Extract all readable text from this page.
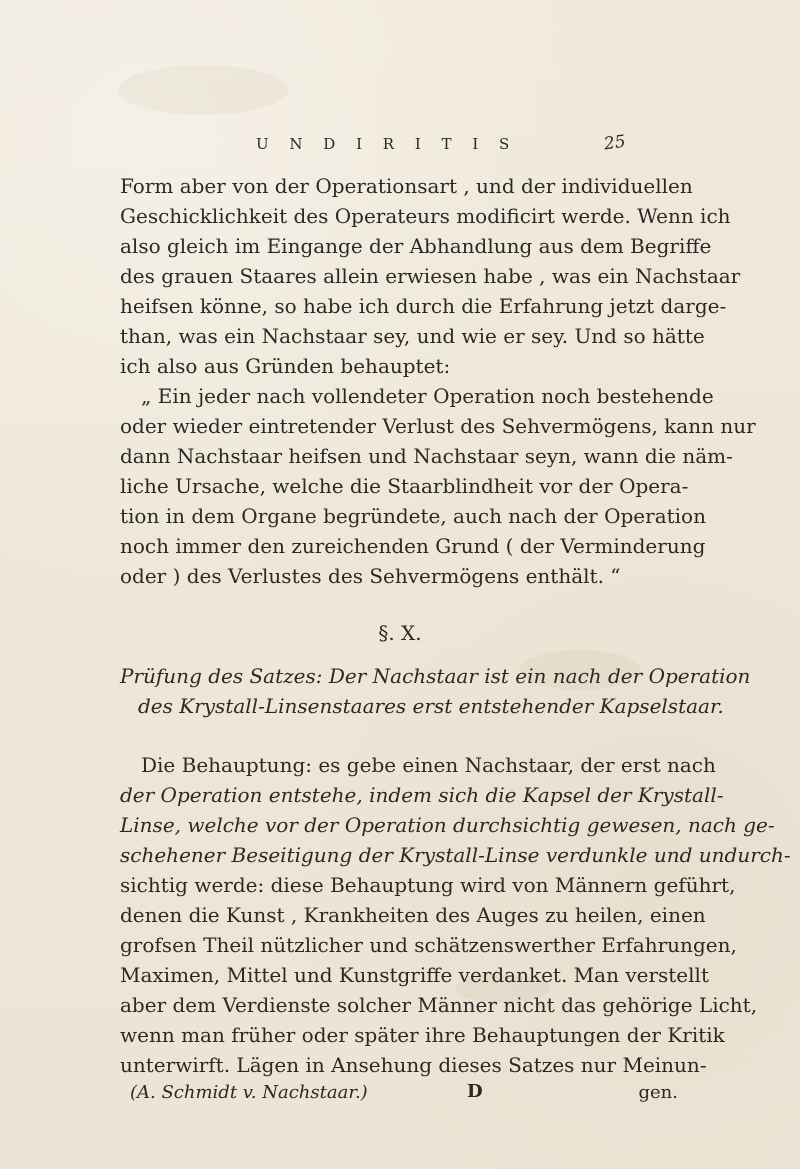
U N D I R I T I S	25
Form aber von der Operationsart , und der individuellen
Geschicklichkeit des Operateurs modificirt werde. Wenn ich
also gleich im Eingange der Abhandlung aus dem Begriffe
des grauen Staares allein erwiesen habe , was ein Nachstaar
heifsen könne, so habe ich durch die Erfahrung jetzt darge-
than, was ein Nachstaar sey, und wie er sey. Und so hätte
ich also aus Gründen behauptet:
„ Ein jeder nach vollendeter Operation noch bestehende
oder wieder eintretender Verlust des Sehvermögens, kann nur
dann Nachstaar heifsen und Nachstaar seyn, wann die näm-
liche Ursache, welche die Staarblindheit vor der Opera-
tion in dem Organe begründete, auch nach der Operation
noch immer den zureichenden Grund ( der Verminderung
oder ) des Verlustes des Sehvermögens enthält. “
§. X.
Prüfung des Satzes: Der Nachstaar ist ein nach der Operation
des Krystall-Linsenstaares erst entstehender Kapselstaar.
Die Behauptung: es gebe einen Nachstaar, der erst nach
der Operation entstehe, indem sich die Kapsel der Krystall-
Linse, welche vor der Operation durchsichtig gewesen, nach ge-
schehener Beseitigung der Krystall-Linse verdunkle und undurch-
sichtig werde: diese Behauptung wird von Männern geführt,
denen die Kunst , Krankheiten des Auges zu heilen, einen
grofsen Theil nützlicher und schätzenswerther Erfahrungen,
Maximen, Mittel und Kunstgriffe verdanket. Man verstellt
aber dem Verdienste solcher Männer nicht das gehörige Licht,
wenn man früher oder später ihre Behauptungen der Kritik
unterwirft. Lägen in Ansehung dieses Satzes nur Meinun-
(A. Schmidt v. Nachstaar.)	D	gen.
